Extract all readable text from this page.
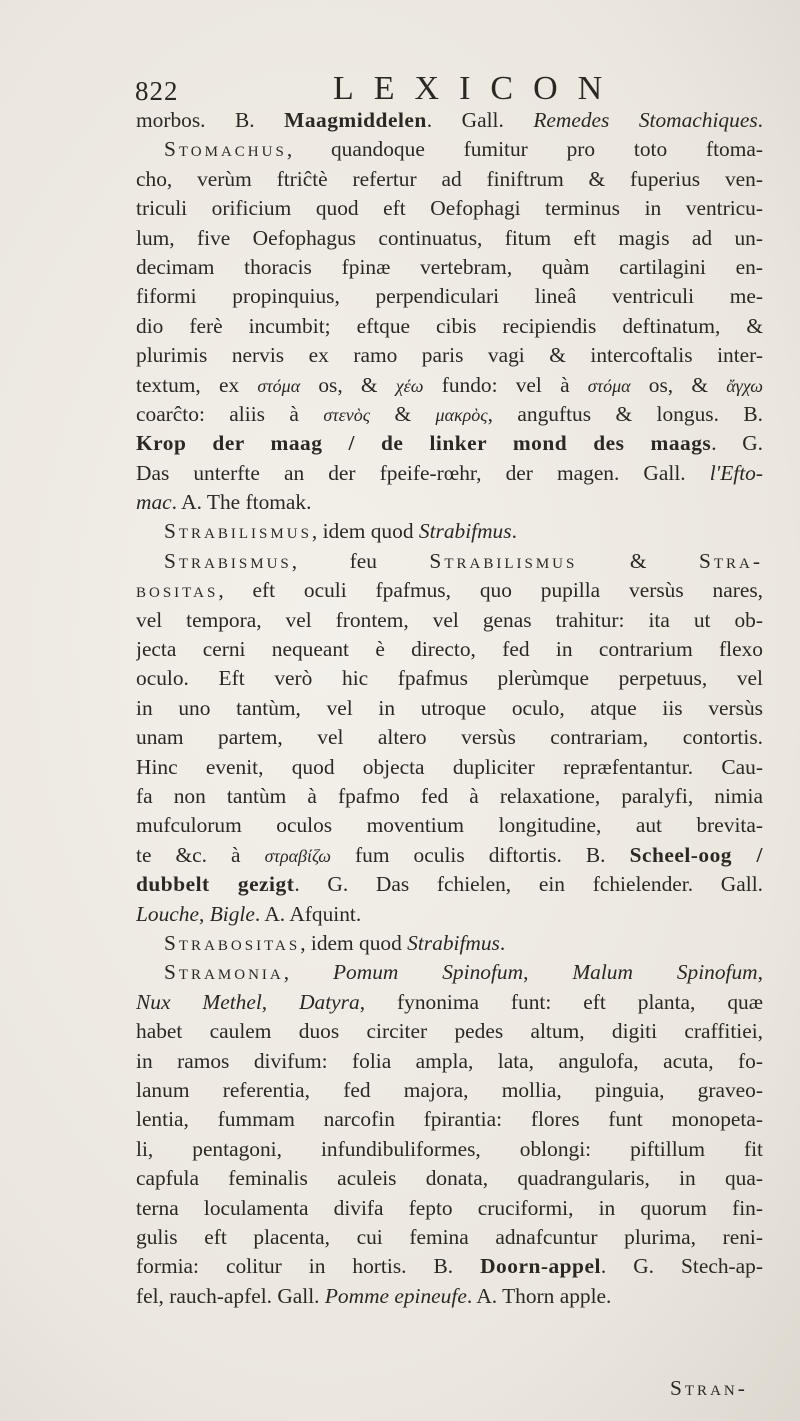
822	LEXICON
morbos. B. Maagmiddelen. Gall. Remedes Stomachiques.
Stomachus, quandoque fumitur pro toto ftoma-
cho, verùm ftriĉtè refertur ad finiftrum & fuperius ven-
triculi orificium quod eft Oefophagi terminus in ventricu-
lum, five Oefophagus continuatus, fitum eft magis ad un-
decimam thoracis fpinæ vertebram, quàm cartilagini en-
fiformi propinquius, perpendiculari lineâ ventriculi me-
dio ferè incumbit; eftque cibis recipiendis deftinatum, &
plurimis nervis ex ramo paris vagi & intercoftalis inter-
textum, ex στόμα os, & χέω fundo: vel à στόμα os, & ἄγχω
coarĉto: aliis à στενὸς & μακρὸς, anguftus & longus. B.
Krop der maag / de linker mond des maags. G.
Das unterfte an der fpeife-rœhr, der magen. Gall. l'Efto-
mac. A. The ftomak.
Strabilismus, idem quod Strabifmus.
Strabismus, feu Strabilismus & Stra-
bositas, eft oculi fpafmus, quo pupilla versùs nares,
vel tempora, vel frontem, vel genas trahitur: ita ut ob-
jecta cerni nequeant è directo, fed in contrarium flexo
oculo. Eft verò hic fpafmus plerùmque perpetuus, vel
in uno tantùm, vel in utroque oculo, atque iis versùs
unam partem, vel altero versùs contrariam, contortis.
Hinc evenit, quod objecta dupliciter repræfentantur. Cau-
fa non tantùm à fpafmo fed à relaxatione, paralyfi, nimia
mufculorum oculos moventium longitudine, aut brevita-
te &c. à στραβίζω fum oculis diftortis. B. Scheel-oog /
dubbelt gezigt. G. Das fchielen, ein fchielender. Gall.
Louche, Bigle. A. Afquint.
Strabositas, idem quod Strabifmus.
Stramonia, Pomum Spinofum, Malum Spinofum,
Nux Methel, Datyra, fynonima funt: eft planta, quæ
habet caulem duos circiter pedes altum, digiti craffitiei,
in ramos divifum: folia ampla, lata, angulofa, acuta, fo-
lanum referentia, fed majora, mollia, pinguia, graveo-
lentia, fummam narcofin fpirantia: flores funt monopeta-
li, pentagoni, infundibuliformes, oblongi: piftillum fit
capfula feminalis aculeis donata, quadrangularis, in qua-
terna loculamenta divifa fepto cruciformi, in quorum fin-
gulis eft placenta, cui femina adnafcuntur plurima, reni-
formia: colitur in hortis. B. Doorn-appel. G. Stech-ap-
fel, rauch-apfel. Gall. Pomme epineufe. A. Thorn apple.
Stran-
